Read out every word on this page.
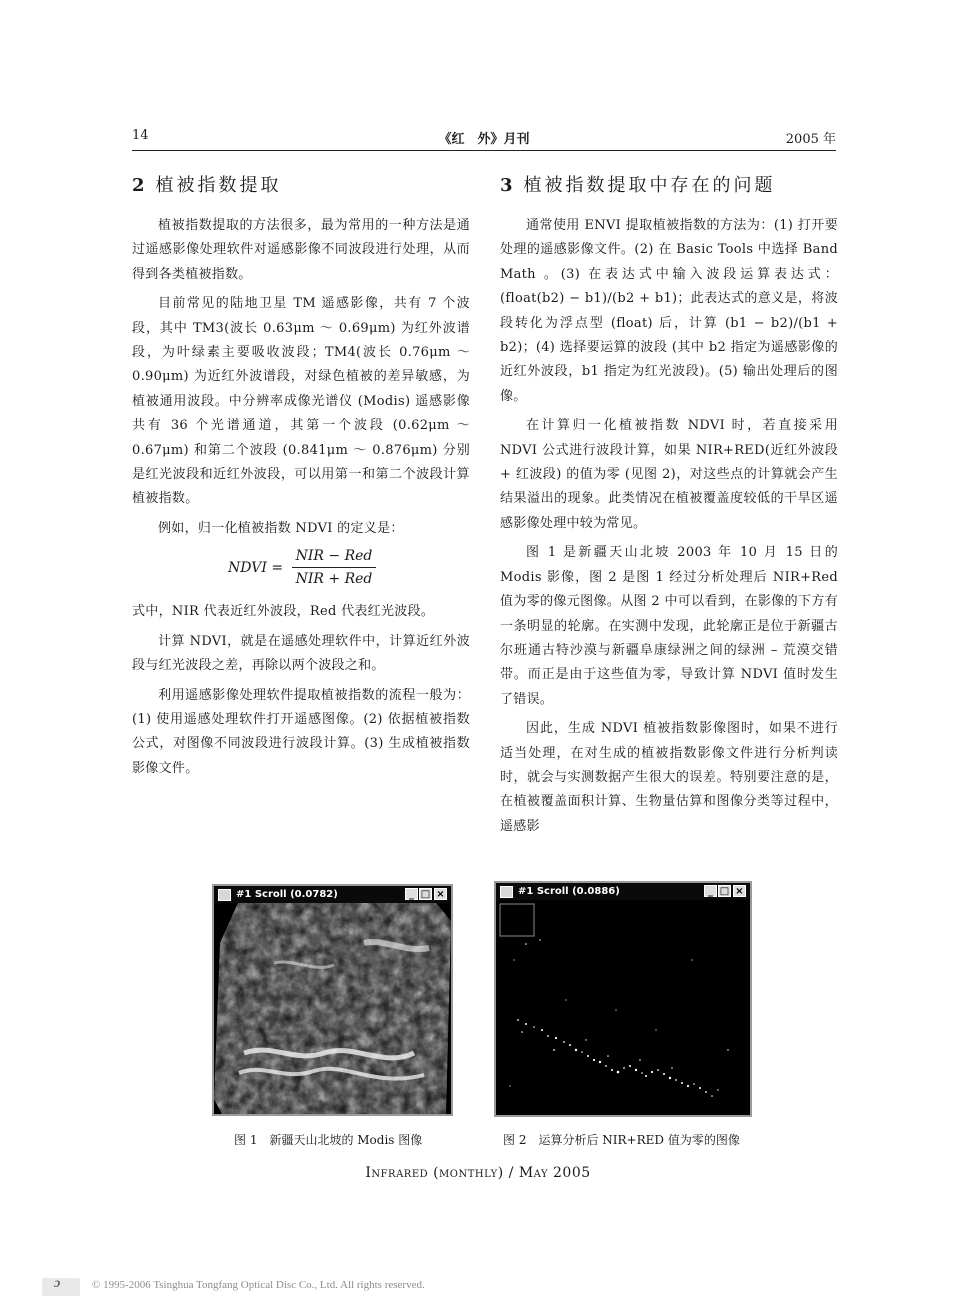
14	《红　外》月刊	2005 年
2 植被指数提取

植被指数提取的方法很多，最为常用的一种方法是通过遥感影像处理软件对遥感影像不同波段进行处理，从而得到各类植被指数。

目前常见的陆地卫星 TM 遥感影像，共有 7 个波段，其中 TM3(波长 0.63μm ～ 0.69μm) 为红外波谱段，为叶绿素主要吸收波段；TM4(波长 0.76μm ～ 0.90μm) 为近红外波谱段，对绿色植被的差异敏感，为植被通用波段。中分辨率成像光谱仪 (Modis) 遥感影像共有 36 个光谱通道，其第一个波段 (0.62μm ～ 0.67μm) 和第二个波段 (0.841μm ～ 0.876μm) 分别是红光波段和近红外波段，可以用第一和第二个波段计算植被指数。

例如，归一化植被指数 NDVI 的定义是：

NDVI =
NIR − Red
NIR + Red

式中，NIR 代表近红外波段，Red 代表红光波段。

计算 NDVI，就是在遥感处理软件中，计算近红外波段与红光波段之差，再除以两个波段之和。

利用遥感影像处理软件提取植被指数的流程一般为：(1) 使用遥感处理软件打开遥感图像。(2) 依据植被指数公式，对图像不同波段进行波段计算。(3) 生成植被指数影像文件。

3 植被指数提取中存在的问题

通常使用 ENVI 提取植被指数的方法为：(1) 打开要处理的遥感影像文件。(2) 在 Basic Tools 中选择 Band Math 。(3) 在表达式中输入波段运算表达式：(float(b2) − b1)/(b2 + b1)；此表达式的意义是，将波段转化为浮点型 (float) 后，计算 (b1 − b2)/(b1 + b2)；(4) 选择要运算的波段 (其中 b2 指定为遥感影像的近红外波段，b1 指定为红光波段)。(5) 输出处理后的图像。

在计算归一化植被指数 NDVI 时，若直接采用 NDVI 公式进行波段计算，如果 NIR+RED(近红外波段 + 红波段) 的值为零 (见图 2)，对这些点的计算就会产生结果溢出的现象。此类情况在植被覆盖度较低的干旱区遥感影像处理中较为常见。

图 1 是新疆天山北坡 2003 年 10 月 15 日的 Modis 影像，图 2 是图 1 经过分析处理后 NIR+Red 值为零的像元图像。从图 2 中可以看到，在影像的下方有一条明显的轮廓。在实测中发现，此轮廓正是位于新疆古尔班通古特沙漠与新疆阜康绿洲之间的绿洲 – 荒漠交错带。而正是由于这些值为零，导致计算 NDVI 值时发生了错误。

因此，生成 NDVI 植被指数影像图时，如果不进行适当处理，在对生成的植被指数影像文件进行分析判读时，就会与实测数据产生很大的误差。特别要注意的是，在植被覆盖面积计算、生物量估算和图像分类等过程中，遥感影

#1 Scroll (0.0782)	_ □ ×	#1 Scroll (0.0886)	_ □ ×
图 1　新疆天山北坡的 Modis 图像	图 2　运算分析后 NIR+RED 值为零的图像
Infrared (monthly) / May 2005
ɔ	© 1995-2006 Tsinghua Tongfang Optical Disc Co., Ltd. All rights reserved.
